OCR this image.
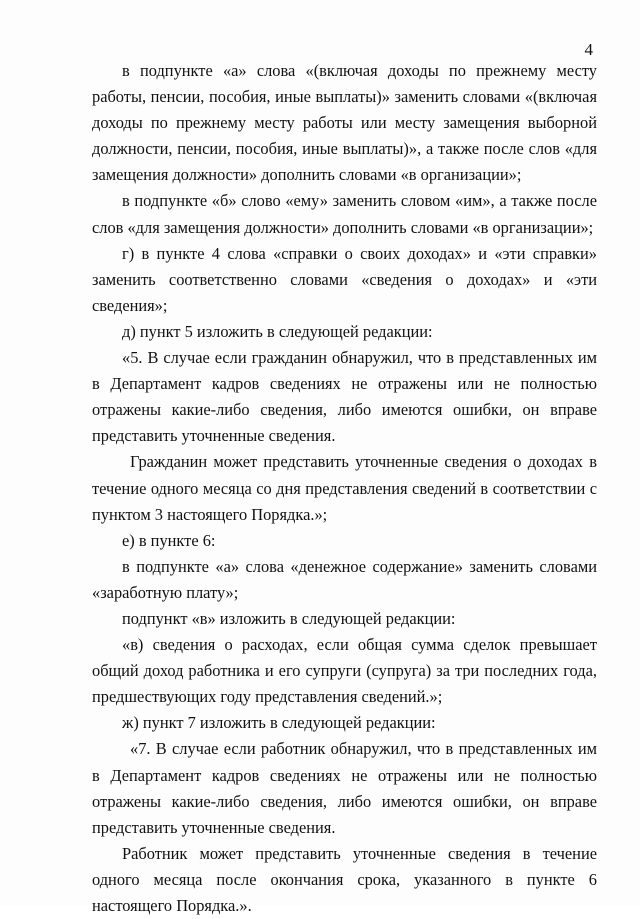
4

в подпункте «а» слова «(включая доходы по прежнему месту работы, пенсии, пособия, иные выплаты)» заменить словами «(включая доходы по прежнему месту работы или месту замещения выборной должности, пенсии, пособия, иные выплаты)», а также после слов «для замещения должности» дополнить словами «в организации»;

в подпункте «б» слово «ему» заменить словом «им», а также после слов «для замещения должности» дополнить словами «в организации»;

г) в пункте 4 слова «справки о своих доходах» и «эти справки» заменить соответственно словами «сведения о доходах» и «эти сведения»;

д) пункт 5 изложить в следующей редакции:

«5. В случае если гражданин обнаружил, что в представленных им в Департамент кадров сведениях не отражены или не полностью отражены какие-либо сведения, либо имеются ошибки, он вправе представить уточненные сведения.

Гражданин может представить уточненные сведения о доходах в течение одного месяца со дня представления сведений в соответствии с пунктом 3 настоящего Порядка.»;

е) в пункте 6:

в подпункте «а» слова «денежное содержание» заменить словами «заработную плату»;

подпункт «в» изложить в следующей редакции:

«в) сведения о расходах, если общая сумма сделок превышает общий доход работника и его супруги (супруга) за три последних года, предшествующих году представления сведений.»;

ж) пункт 7 изложить в следующей редакции:

«7. В случае если работник обнаружил, что в представленных им в Департамент кадров сведениях не отражены или не полностью отражены какие-либо сведения, либо имеются ошибки, он вправе представить уточненные сведения.

Работник может представить уточненные сведения в течение одного месяца после окончания срока, указанного в пункте 6 настоящего Порядка.».
